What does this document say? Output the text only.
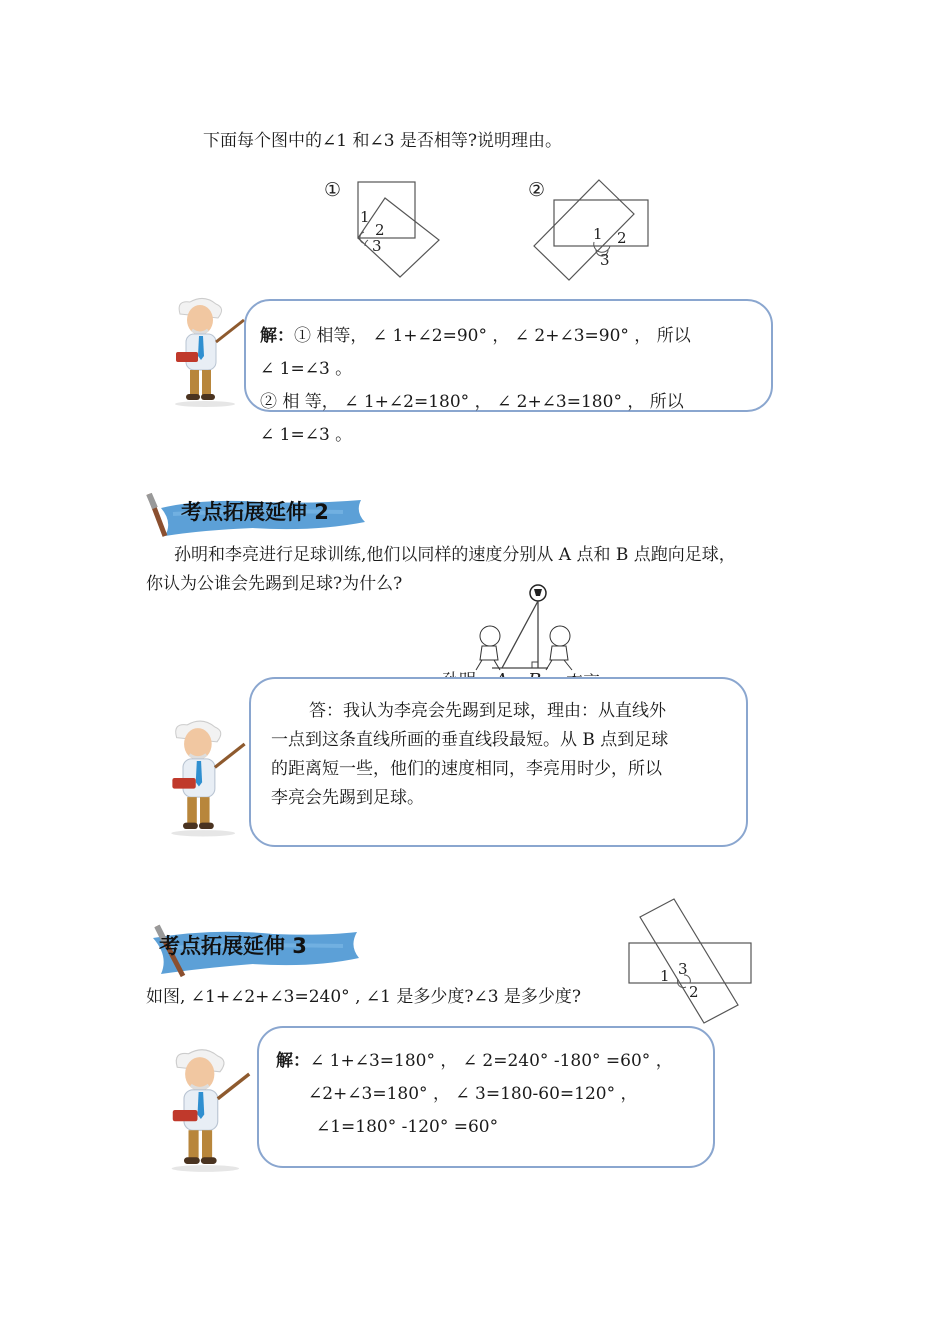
下面每个图中的∠1 和∠3 是否相等?说明理由。
①
1
2
3
②
1 2
3
解：① 相等， ∠ 1+∠2=90° ， ∠ 2+∠3=90° ， 所以
∠ 1=∠3 。
② 相 等， ∠ 1+∠2=180° ， ∠ 2+∠3=180° ， 所以
∠ 1=∠3 。
考点拓展延伸 2
孙明和李亮进行足球训练,他们以同样的速度分别从 A 点和 B 点跑向足球，
你认为公谁会先踢到足球?为什么?
答：我认为李亮会先踢到足球，理由：从直线外
一点到这条直线所画的垂直线段最短。从 B 点到足球
的距离短一些，他们的速度相同，李亮用时少，所以
李亮会先踢到足球。
考点拓展延伸 3
1 3
2
如图, ∠1+∠2+∠3=240° , ∠1 是多少度?∠3 是多少度?
解：∠ 1+∠3=180° ， ∠ 2=240° -180° =60° ，
∠2+∠3=180° ， ∠ 3=180-60=120° ，
∠1=180° -120° =60°
